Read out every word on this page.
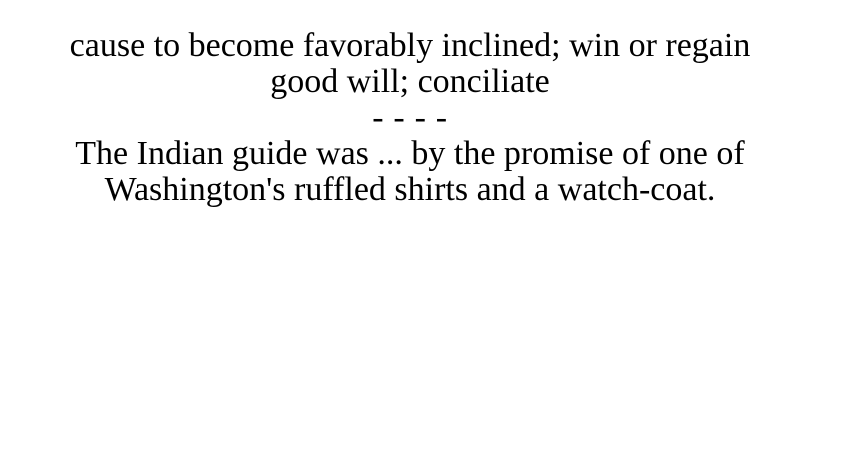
cause to become favorably inclined; win or regain good will; conciliate

- - - -

The Indian guide was ... by the promise of one of Washington's ruffled shirts and a watch-coat.
